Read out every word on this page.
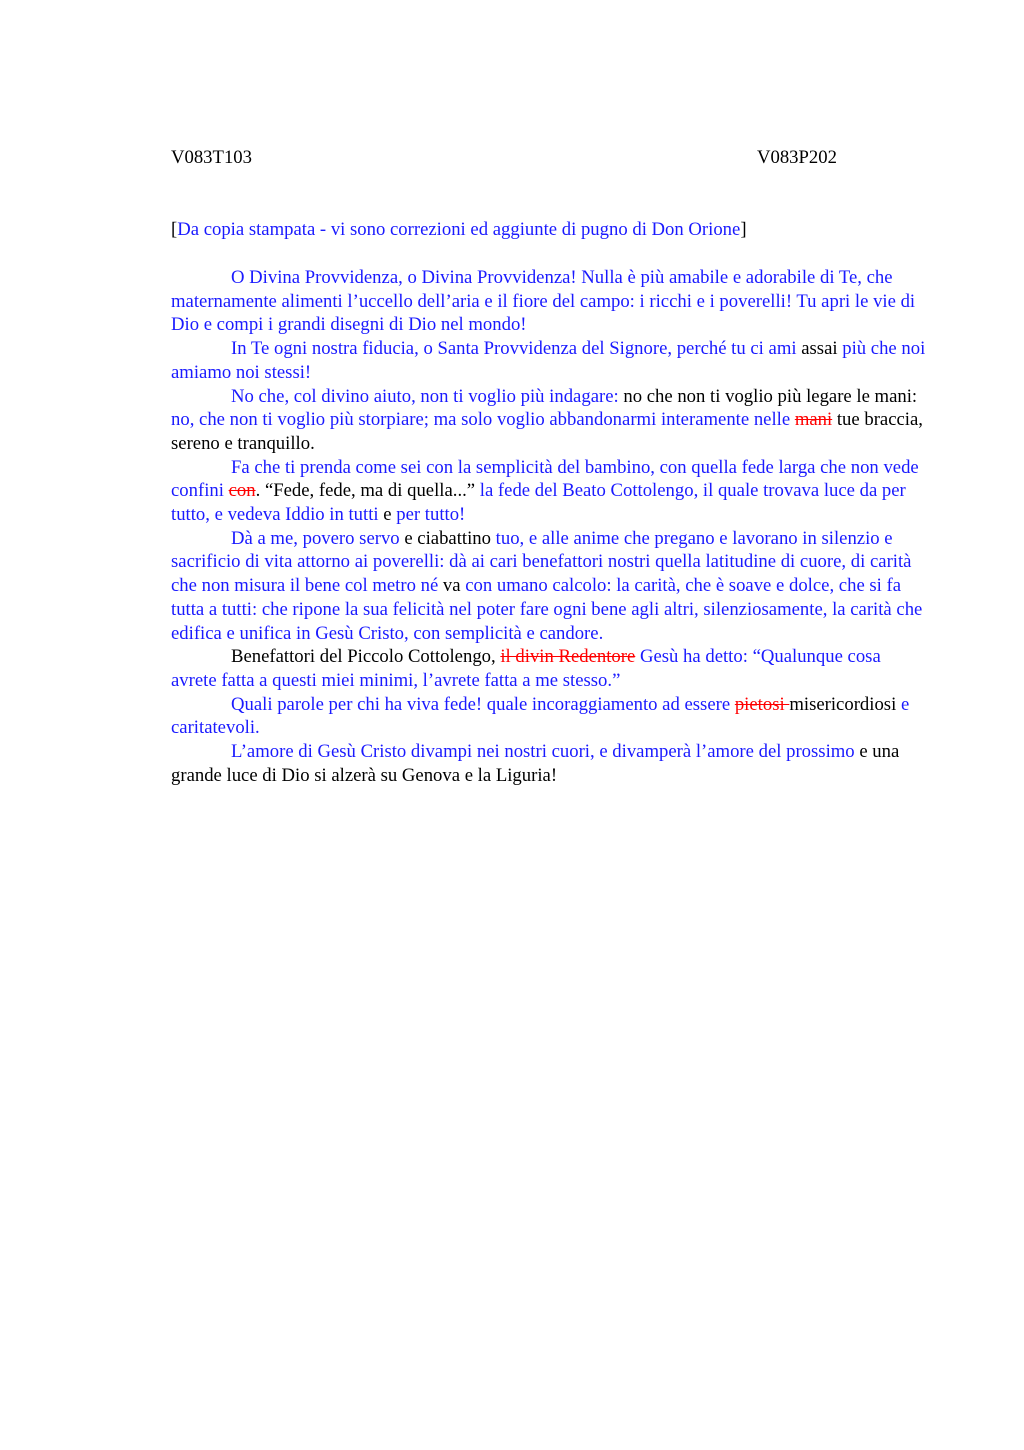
V083T103	V083P202
[Da copia stampata - vi sono correzioni ed aggiunte di pugno di Don Orione]

O Divina Provvidenza, o Divina Provvidenza! Nulla è più amabile e adorabile di Te, che maternamente alimenti l’uccello dell’aria e il fiore del campo: i ricchi e i poverelli! Tu apri le vie di Dio e compi i grandi disegni di Dio nel mondo!

In Te ogni nostra fiducia, o Santa Provvidenza del Signore, perché tu ci ami assai più che noi amiamo noi stessi!

No che, col divino aiuto, non ti voglio più indagare: no che non ti voglio più legare le mani: no, che non ti voglio più storpiare; ma solo voglio abbandonarmi interamente nelle mani tue braccia, sereno e tranquillo.

Fa che ti prenda come sei con la semplicità del bambino, con quella fede larga che non vede confini con. “Fede, fede, ma di quella...” la fede del Beato Cottolengo, il quale trovava luce da per tutto, e vedeva Iddio in tutti e per tutto!

Dà a me, povero servo e ciabattino tuo, e alle anime che pregano e lavorano in silenzio e sacrificio di vita attorno ai poverelli: dà ai cari benefattori nostri quella latitudine di cuore, di carità che non misura il bene col metro né va con umano calcolo: la carità, che è soave e dolce, che si fa tutta a tutti: che ripone la sua felicità nel poter fare ogni bene agli altri, silenziosamente, la carità che edifica e unifica in Gesù Cristo, con semplicità e candore.

Benefattori del Piccolo Cottolengo, il divin Redentore Gesù ha detto: “Qualunque cosa avrete fatta a questi miei minimi, l’avrete fatta a me stesso.”

Quali parole per chi ha viva fede! quale incoraggiamento ad essere pietosi misericordiosi e caritatevoli.

L’amore di Gesù Cristo divampi nei nostri cuori, e divamperà l’amore del prossimo e una grande luce di Dio si alzerà su Genova e la Liguria!
